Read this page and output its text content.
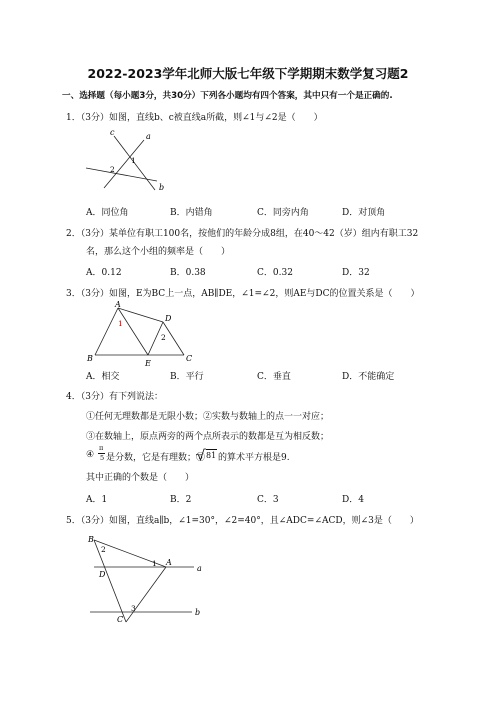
2022-2023学年北师大版七年级下学期期末数学复习题2
一、选择题（每小题3分，共30分）下列各小题均有四个答案，其中只有一个是正确的.
1．（3分）如图，直线b、c被直线a所截，则∠1与∠2是（　　）
c	a
b
1
2
A．同位角	B．内错角	C．同旁内角	D．对顶角
2．（3分）某单位有职工100名，按他们的年龄分成8组，在40～42（岁）组内有职工32
名，那么这个小组的频率是（　　）
A．0.12	B．0.38	C．0.32	D．32
3．（3分）如图，E为BC上一点，AB∥DE，∠1=∠2，则AE与DC的位置关系是（　　）
A
D
B
E
C
1
2
A．相交	B．平行	C．垂直	D．不能确定
4．（3分）有下列说法：
①任何无理数都是无限小数；②实数与数轴上的点一一对应；
③在数轴上，原点两旁的两个点所表示的数都是互为相反数；
④
π
5 是分数，它是有理数；⑤ 81 的算术平方根是9.
其中正确的个数是（　　）
A．1	B．2	C．3	D．4
5．（3分）如图，直线a∥b，∠1=30°，∠2=40°，且∠ADC=∠ACD，则∠3是（　　）
B
2
1 A
a
D
3	b
C
